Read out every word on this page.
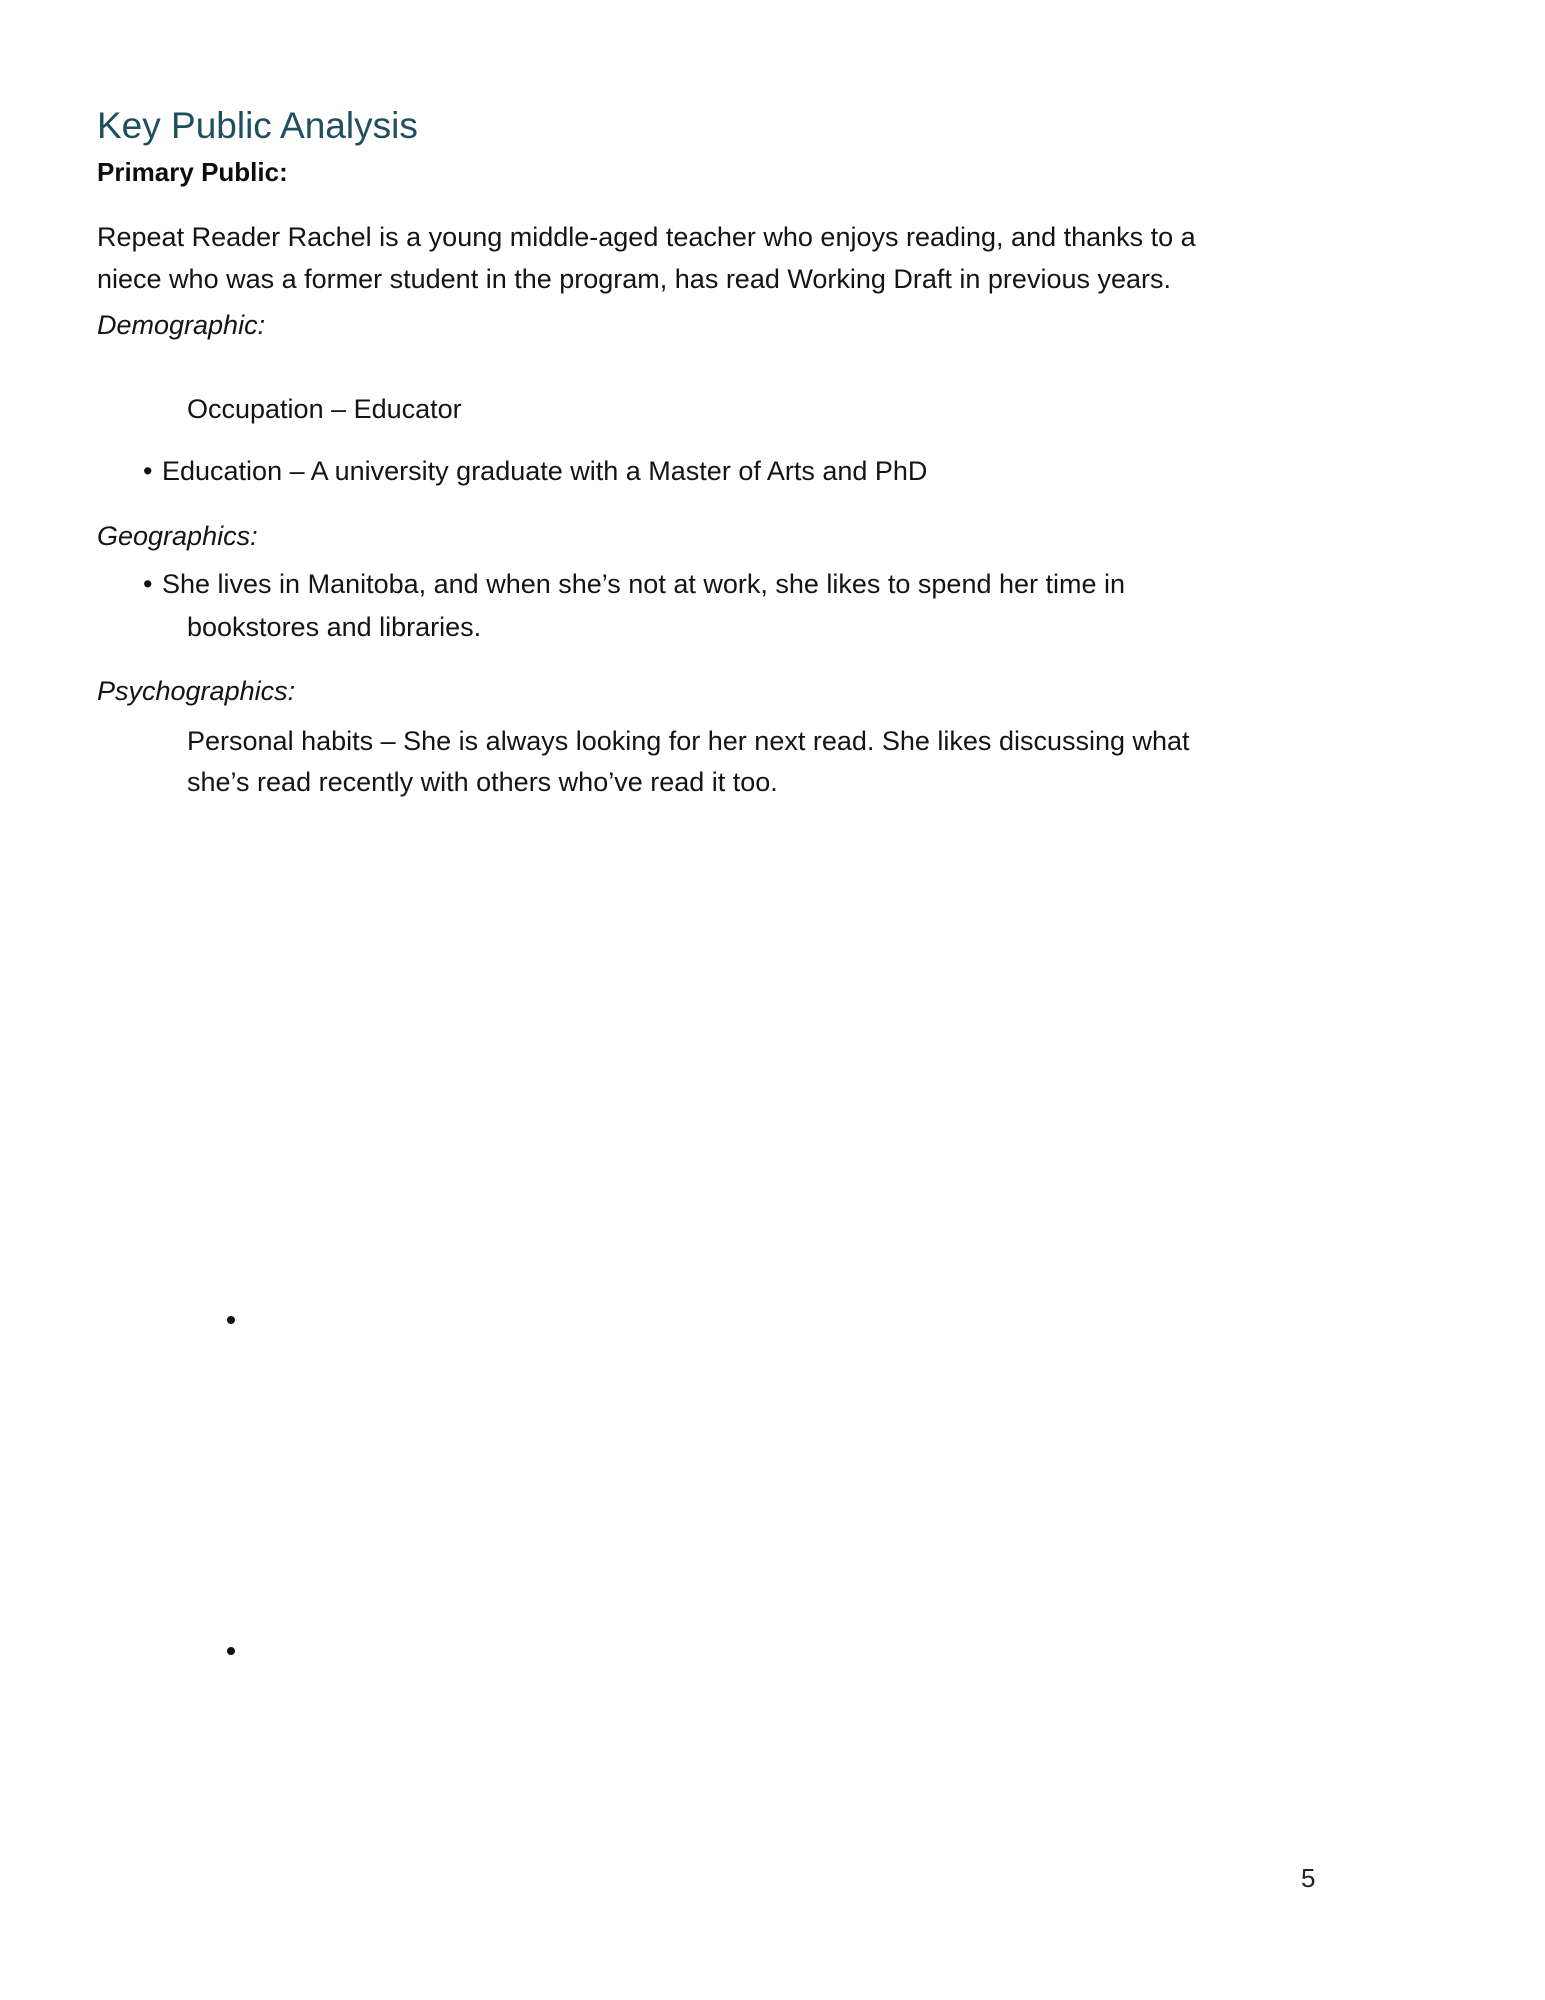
Key Public Analysis
Primary Public:
Repeat Reader Rachel is a young middle-aged teacher who enjoys reading, and thanks to a
niece who was a former student in the program, has read Working Draft in previous years.
Demographic:
Occupation – Educator
• Education – A university graduate with a Master of Arts and PhD
Geographics:
• She lives in Manitoba, and when she’s not at work, she likes to spend her time in
bookstores and libraries.
Psychographics:
Personal habits – She is always looking for her next read. She likes discussing what
she’s read recently with others who’ve read it too.
5
